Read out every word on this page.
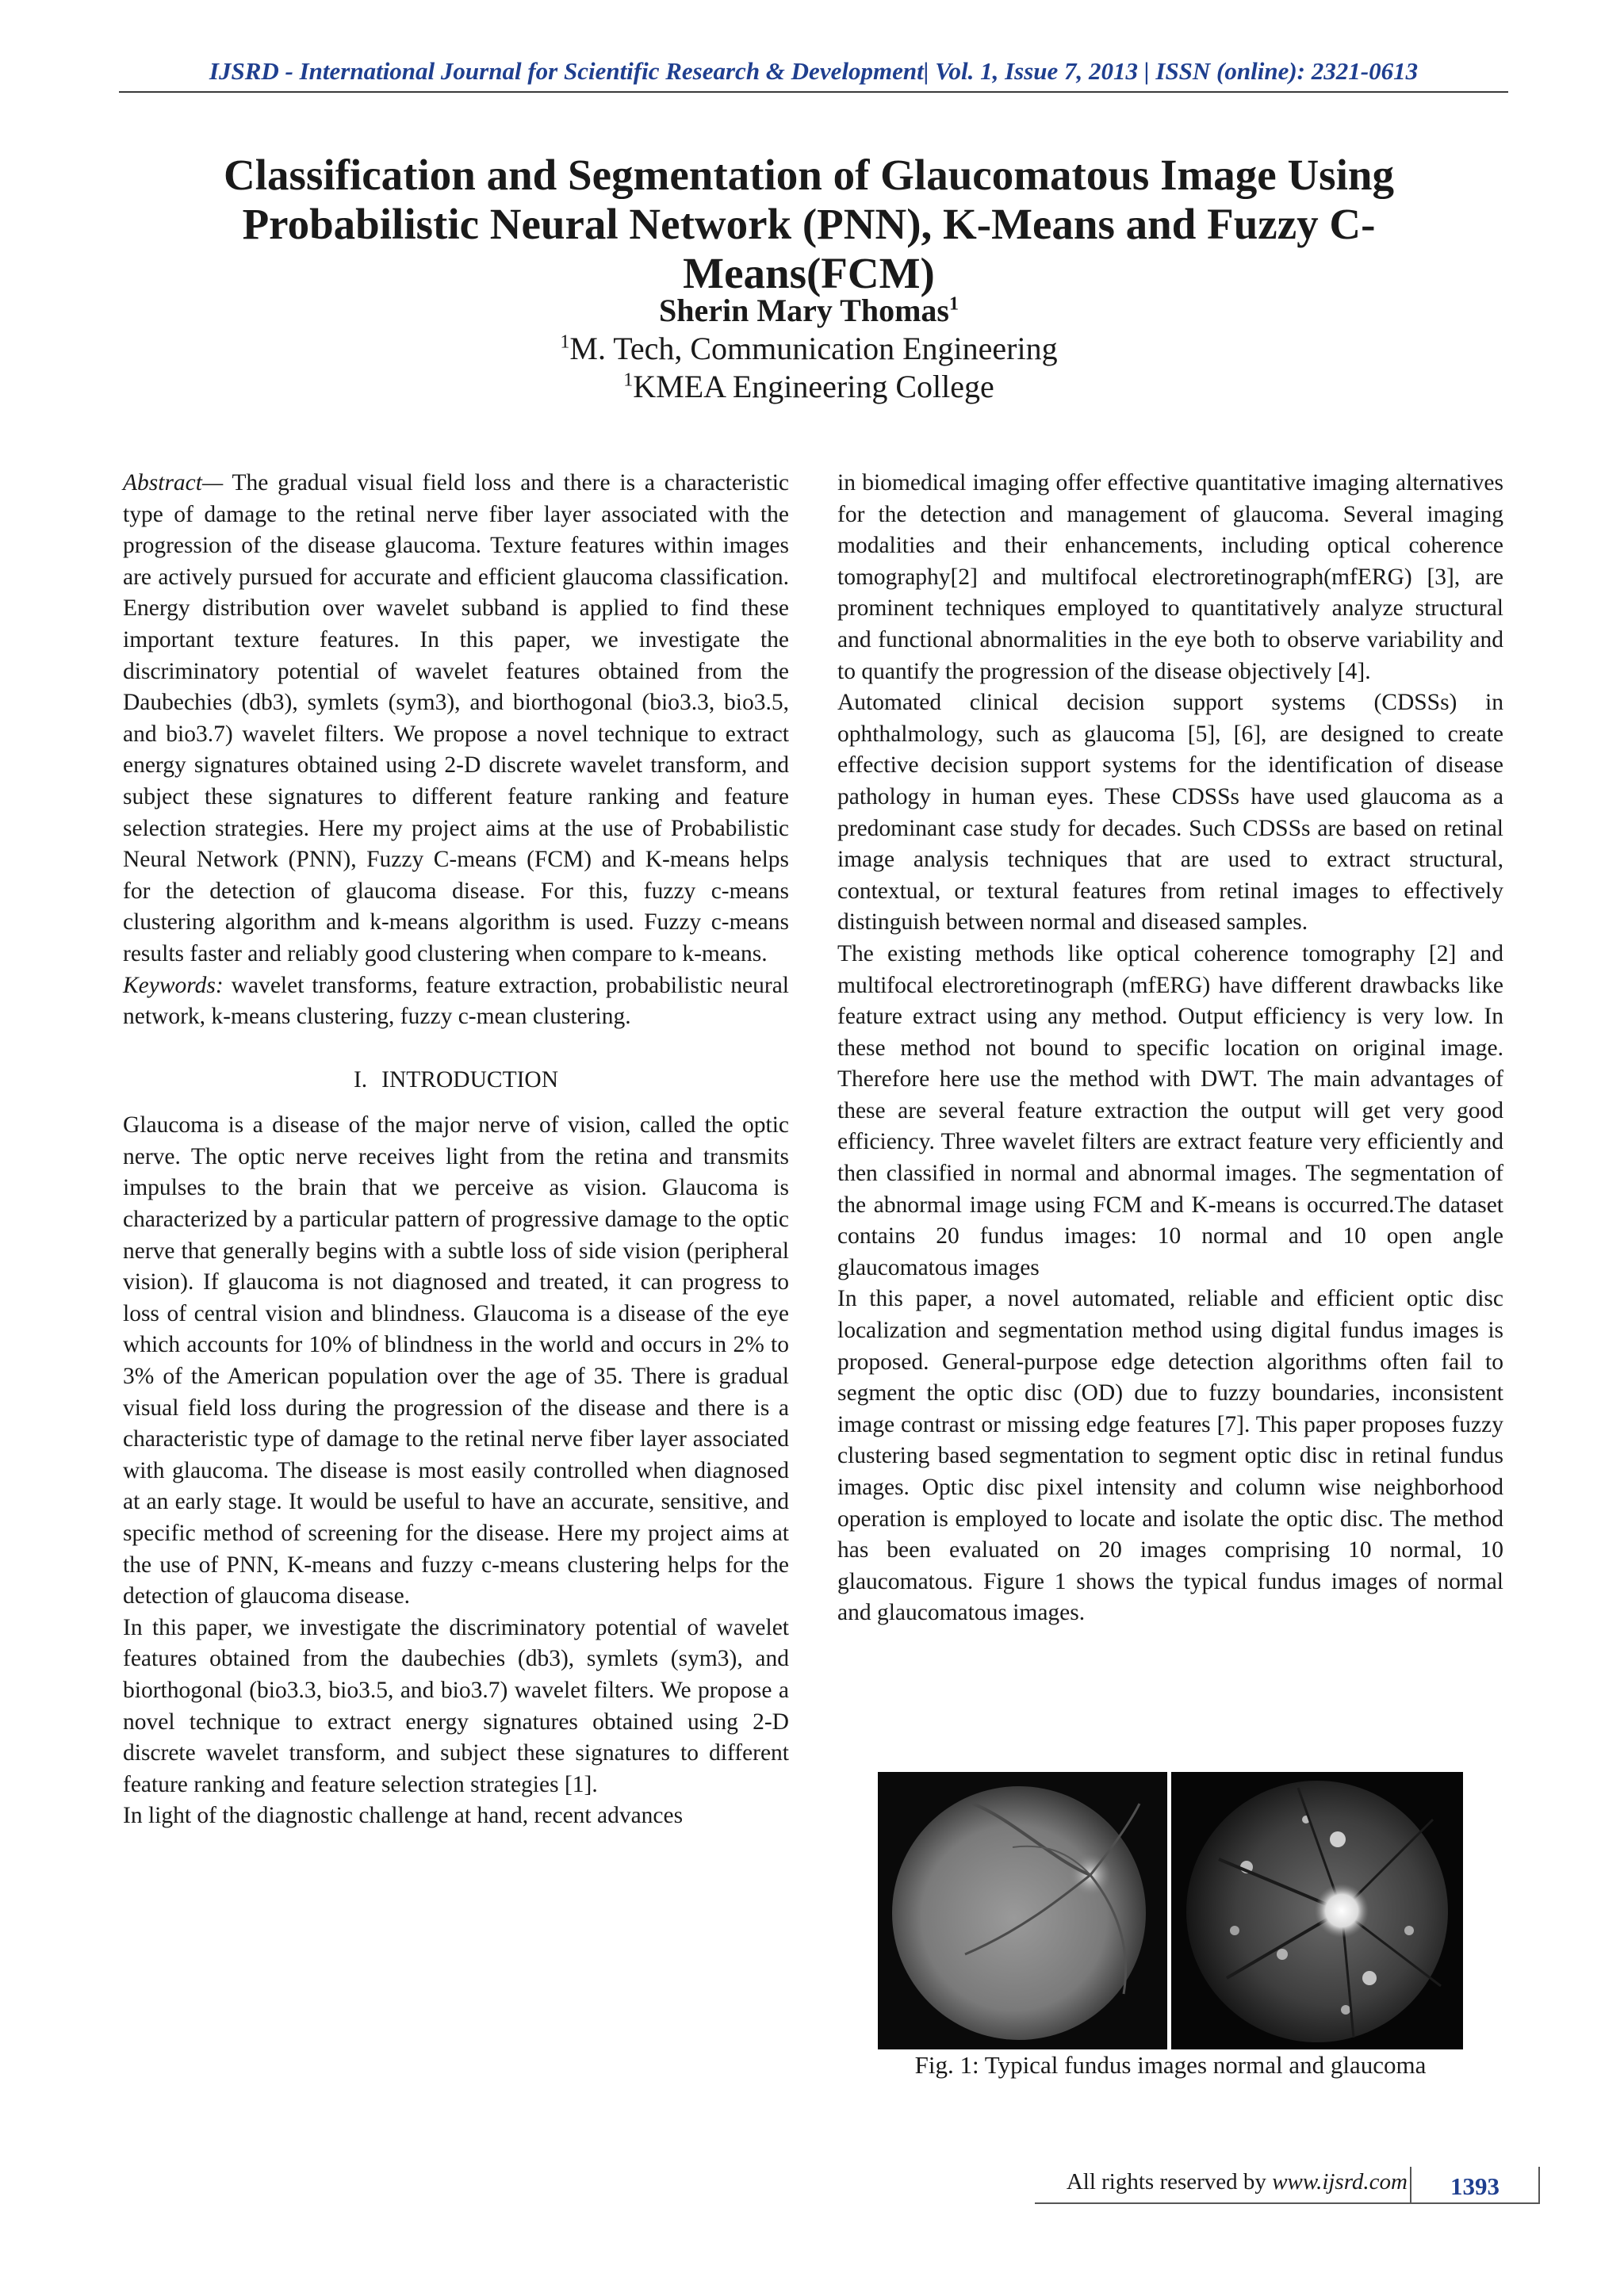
IJSRD - International Journal for Scientific Research & Development| Vol. 1, Issue 7, 2013 | ISSN (online): 2321-0613
Classification and Segmentation of Glaucomatous Image Using
Probabilistic Neural Network (PNN), K-Means and Fuzzy C-
Means(FCM)
Sherin Mary Thomas$^1$
$^1$M. Tech, Communication Engineering
$^1$KMEA Engineering College

Abstract— The gradual visual field loss and there is a characteristic type of damage to the retinal nerve fiber layer associated with the progression of the disease glaucoma. Texture features within images are actively pursued for accurate and efficient glaucoma classification. Energy distribution over wavelet subband is applied to find these important texture features. In this paper, we investigate the discriminatory potential of wavelet features obtained from the Daubechies (db3), symlets (sym3), and biorthogonal (bio3.3, bio3.5, and bio3.7) wavelet filters. We propose a novel technique to extract energy signatures obtained using 2-D discrete wavelet transform, and subject these signatures to different feature ranking and feature selection strategies. Here my project aims at the use of Probabilistic Neural Network (PNN), Fuzzy C-means (FCM) and K-means helps for the detection of glaucoma disease. For this, fuzzy c-means clustering algorithm and k-means algorithm is used. Fuzzy c-means results faster and reliably good clustering when compare to k-means.

Keywords: wavelet transforms, feature extraction, probabilistic neural network, k-means clustering, fuzzy c-mean clustering.

I. INTRODUCTION

Glaucoma is a disease of the major nerve of vision, called the optic nerve. The optic nerve receives light from the retina and transmits impulses to the brain that we perceive as vision. Glaucoma is characterized by a particular pattern of progressive damage to the optic nerve that generally begins with a subtle loss of side vision (peripheral vision). If glaucoma is not diagnosed and treated, it can progress to loss of central vision and blindness. Glaucoma is a disease of the eye which accounts for 10% of blindness in the world and occurs in 2% to 3% of the American population over the age of 35. There is gradual visual field loss during the progression of the disease and there is a characteristic type of damage to the retinal nerve fiber layer associated with glaucoma. The disease is most easily controlled when diagnosed at an early stage. It would be useful to have an accurate, sensitive, and specific method of screening for the disease. Here my project aims at the use of PNN, K-means and fuzzy c-means clustering helps for the detection of glaucoma disease.

In this paper, we investigate the discriminatory potential of wavelet features obtained from the daubechies (db3), symlets (sym3), and biorthogonal (bio3.3, bio3.5, and bio3.7) wavelet filters. We propose a novel technique to extract energy signatures obtained using 2-D discrete wavelet transform, and subject these signatures to different feature ranking and feature selection strategies [1].

In light of the diagnostic challenge at hand, recent advances

in biomedical imaging offer effective quantitative imaging alternatives for the detection and management of glaucoma. Several imaging modalities and their enhancements, including optical coherence tomography[2] and multifocal electroretinograph(mfERG) [3], are prominent techniques employed to quantitatively analyze structural and functional abnormalities in the eye both to observe variability and to quantify the progression of the disease objectively [4].

Automated clinical decision support systems (CDSSs) in ophthalmology, such as glaucoma [5], [6], are designed to create effective decision support systems for the identification of disease pathology in human eyes. These CDSSs have used glaucoma as a predominant case study for decades. Such CDSSs are based on retinal image analysis techniques that are used to extract structural, contextual, or textural features from retinal images to effectively distinguish between normal and diseased samples.

The existing methods like optical coherence tomography [2] and multifocal electroretinograph (mfERG) have different drawbacks like feature extract using any method. Output efficiency is very low. In these method not bound to specific location on original image. Therefore here use the method with DWT. The main advantages of these are several feature extraction the output will get very good efficiency. Three wavelet filters are extract feature very efficiently and then classified in normal and abnormal images. The segmentation of the abnormal image using FCM and K-means is occurred.The dataset contains 20 fundus images: 10 normal and 10 open angle glaucomatous images

In this paper, a novel automated, reliable and efficient optic disc localization and segmentation method using digital fundus images is proposed. General-purpose edge detection algorithms often fail to segment the optic disc (OD) due to fuzzy boundaries, inconsistent image contrast or missing edge features [7]. This paper proposes fuzzy clustering based segmentation to segment optic disc in retinal fundus images. Optic disc pixel intensity and column wise neighborhood operation is employed to locate and isolate the optic disc. The method has been evaluated on 20 images comprising 10 normal, 10 glaucomatous. Figure 1 shows the typical fundus images of normal and glaucomatous images.

Fig. 1: Typical fundus images normal and glaucoma
All rights reserved by www.ijsrd.com	1393
